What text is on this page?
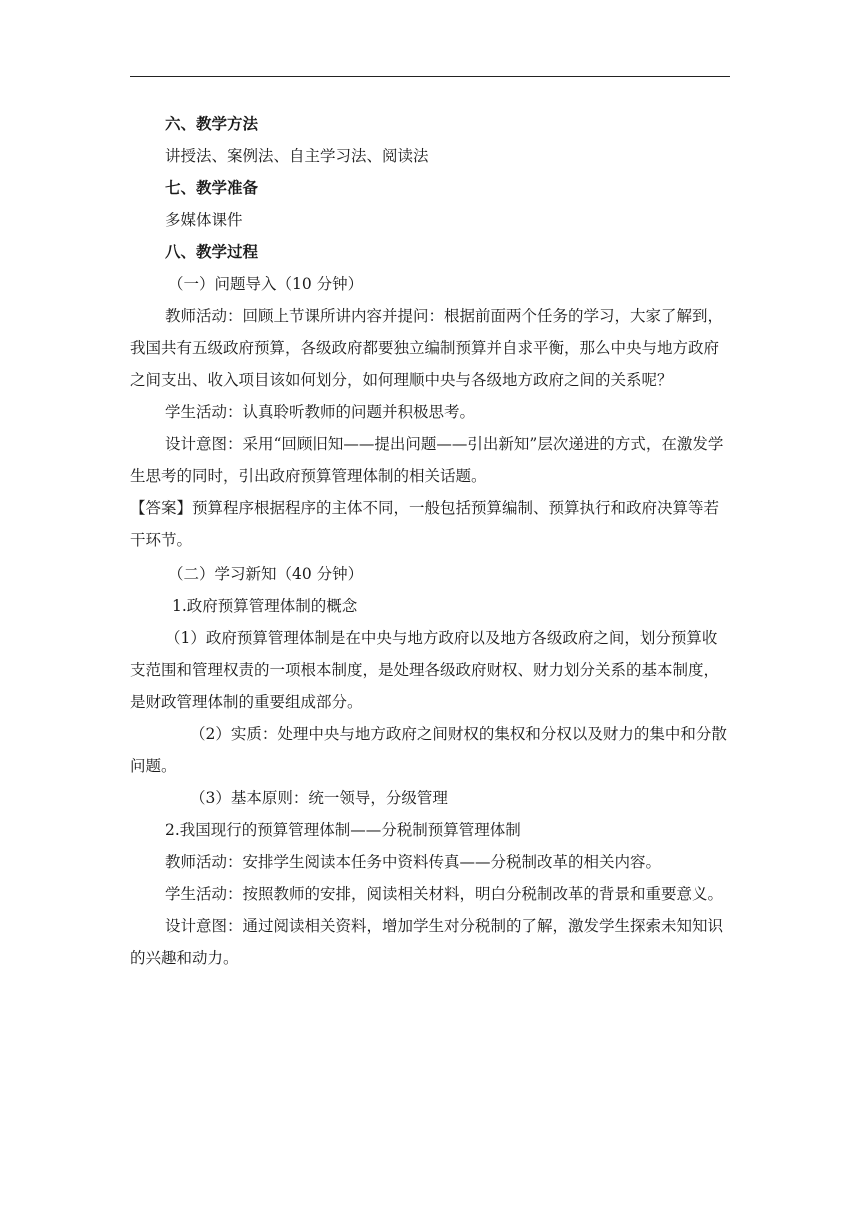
六、教学方法
讲授法、案例法、自主学习法、阅读法
七、教学准备
多媒体课件
八、教学过程
（一）问题导入（10 分钟）
教师活动：回顾上节课所讲内容并提问：根据前面两个任务的学习，大家了解到，我国共有五级政府预算，各级政府都要独立编制预算并自求平衡，那么中央与地方政府之间支出、收入项目该如何划分，如何理顺中央与各级地方政府之间的关系呢？
学生活动：认真聆听教师的问题并积极思考。
设计意图：采用“回顾旧知——提出问题——引出新知”层次递进的方式，在激发学生思考的同时，引出政府预算管理体制的相关话题。
【答案】预算程序根据程序的主体不同，一般包括预算编制、预算执行和政府决算等若干环节。
（二）学习新知（40 分钟）
1.政府预算管理体制的概念
（1）政府预算管理体制是在中央与地方政府以及地方各级政府之间，划分预算收支范围和管理权责的一项根本制度，是处理各级政府财权、财力划分关系的基本制度，是财政管理体制的重要组成部分。
（2）实质：处理中央与地方政府之间财权的集权和分权以及财力的集中和分散问题。
（3）基本原则：统一领导，分级管理
2.我国现行的预算管理体制——分税制预算管理体制
教师活动：安排学生阅读本任务中资料传真——分税制改革的相关内容。
学生活动：按照教师的安排，阅读相关材料，明白分税制改革的背景和重要意义。
设计意图：通过阅读相关资料，增加学生对分税制的了解，激发学生探索未知知识的兴趣和动力。
